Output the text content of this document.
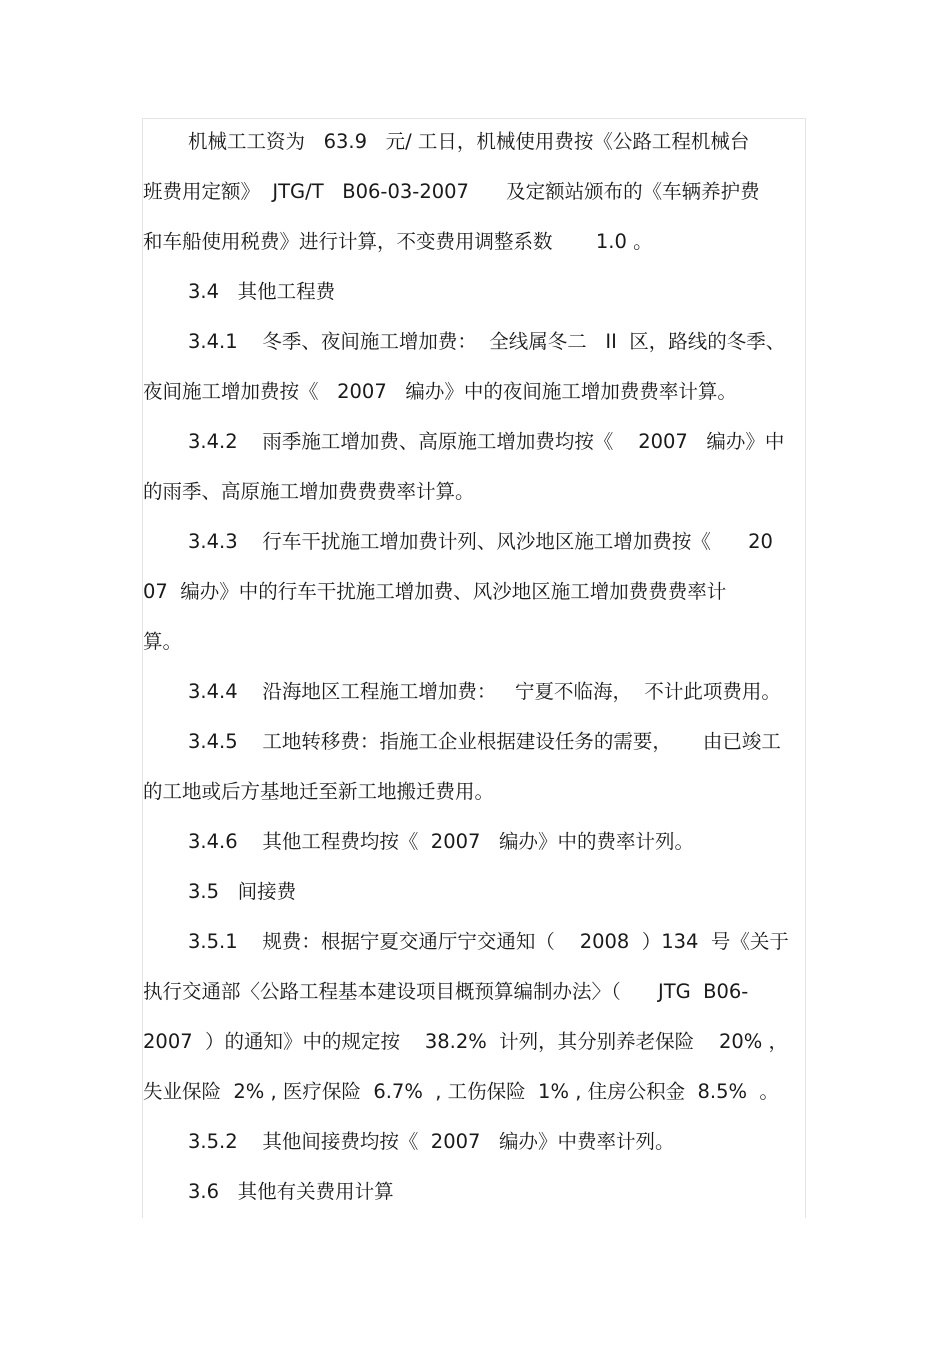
机械工工资为   63.9   元/ 工日，机械使用费按《公路工程机械台
班费用定额》  JTG/T   B06-03-2007      及定额站颁布的《车辆养护费
和车船使用税费》进行计算，不变费用调整系数       1.0 。
3.4   其他工程费
3.4.1    冬季、夜间施工增加费：  全线属冬二   II  区，路线的冬季、
夜间施工增加费按《   2007   编办》中的夜间施工增加费费率计算。
3.4.2    雨季施工增加费、高原施工增加费均按《    2007   编办》中
的雨季、高原施工增加费费费率计算。
3.4.3    行车干扰施工增加费计列、风沙地区施工增加费按《      20
07  编办》中的行车干扰施工增加费、风沙地区施工增加费费费率计
算。
3.4.4    沿海地区工程施工增加费：   宁夏不临海，  不计此项费用。
3.4.5    工地转移费：指施工企业根据建设任务的需要，     由已竣工
的工地或后方基地迁至新工地搬迁费用。
3.4.6    其他工程费均按《  2007   编办》中的费率计列。
3.5   间接费
3.5.1    规费：根据宁夏交通厅宁交通知（    2008  ）134  号《关于
执行交通部〈公路工程基本建设项目概预算编制办法〉（      JTG  B06-
2007  ）的通知》中的规定按    38.2%  计列，其分别养老保险    20% ，
失业保险  2% , 医疗保险  6.7%  , 工伤保险  1% , 住房公积金  8.5%  。
3.5.2    其他间接费均按《  2007   编办》中费率计列。
3.6   其他有关费用计算
